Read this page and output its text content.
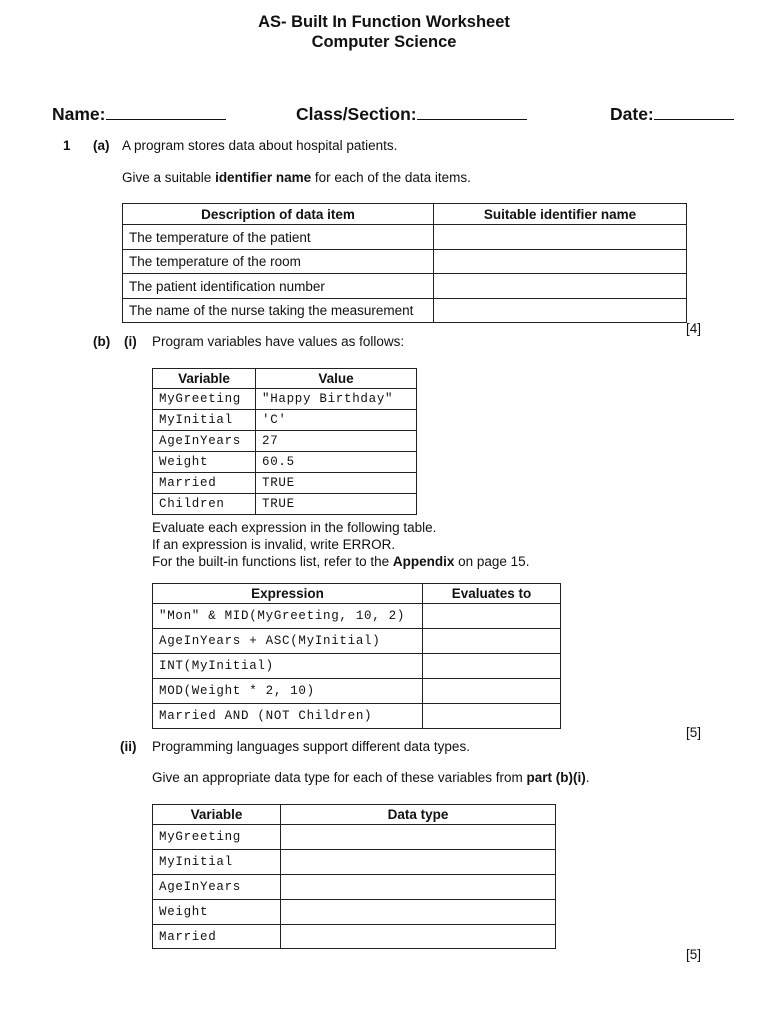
AS- Built In Function Worksheet
Computer Science
Name:	Class/Section:	Date:
1 (a) A program stores data about hospital patients.
Give a suitable identifier name for each of the data items.
Description of data item	Suitable identifier name
The temperature of the patient	
The temperature of the room	
The patient identification number	
The name of the nurse taking the measurement	
[4]
(b) (i) Program variables have values as follows:
Variable	Value
MyGreeting	"Happy Birthday"
MyInitial	'C'
AgeInYears	27
Weight	60.5
Married	TRUE
Children	TRUE
Evaluate each expression in the following table.
If an expression is invalid, write ERROR.
For the built-in functions list, refer to the Appendix on page 15.
Expression	Evaluates to
"Mon" & MID(MyGreeting, 10, 2)	
AgeInYears + ASC(MyInitial)	
INT(MyInitial)	
MOD(Weight * 2, 10)	
Married AND (NOT Children)	
[5]
(ii) Programming languages support different data types.
Give an appropriate data type for each of these variables from part (b)(i).
Variable	Data type
MyGreeting	
MyInitial	
AgeInYears	
Weight	
Married	
[5]
